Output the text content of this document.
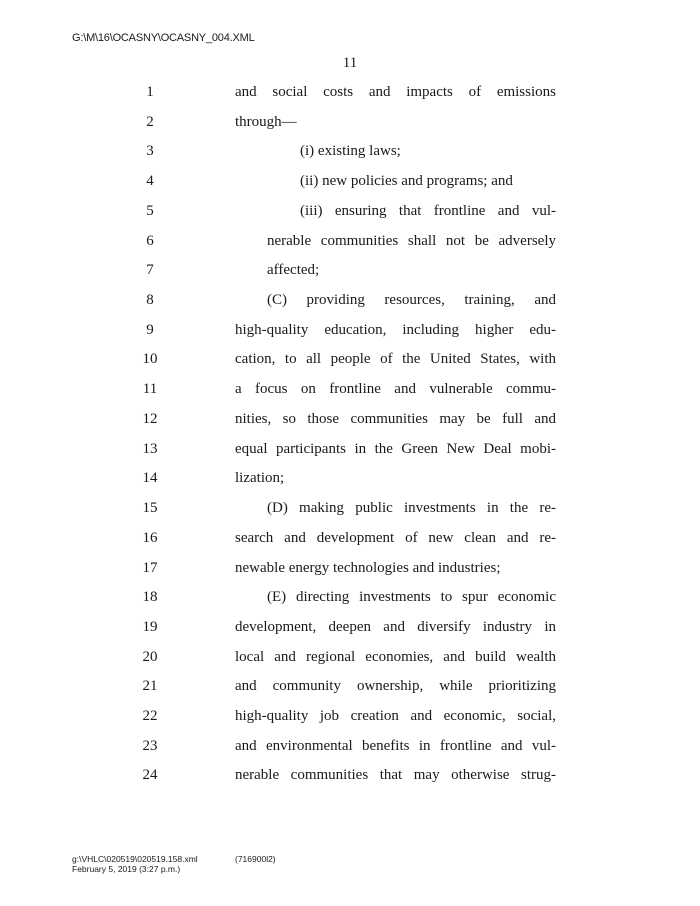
G:\M\16\OCASNY\OCASNY_004.XML
11
1	and social costs and impacts of emissions
2	through—
3	(i) existing laws;
4	(ii) new policies and programs; and
5	(iii) ensuring that frontline and vul-
6	nerable communities shall not be adversely
7	affected;
8	(C) providing resources, training, and
9	high-quality education, including higher edu-
10	cation, to all people of the United States, with
11	a focus on frontline and vulnerable commu-
12	nities, so those communities may be full and
13	equal participants in the Green New Deal mobi-
14	lization;
15	(D) making public investments in the re-
16	search and development of new clean and re-
17	newable energy technologies and industries;
18	(E) directing investments to spur economic
19	development, deepen and diversify industry in
20	local and regional economies, and build wealth
21	and community ownership, while prioritizing
22	high-quality job creation and economic, social,
23	and environmental benefits in frontline and vul-
24	nerable communities that may otherwise strug-
g:\VHLC\020519\020519.158.xml
February 5, 2019 (3:27 p.m.)
(716900l2)
